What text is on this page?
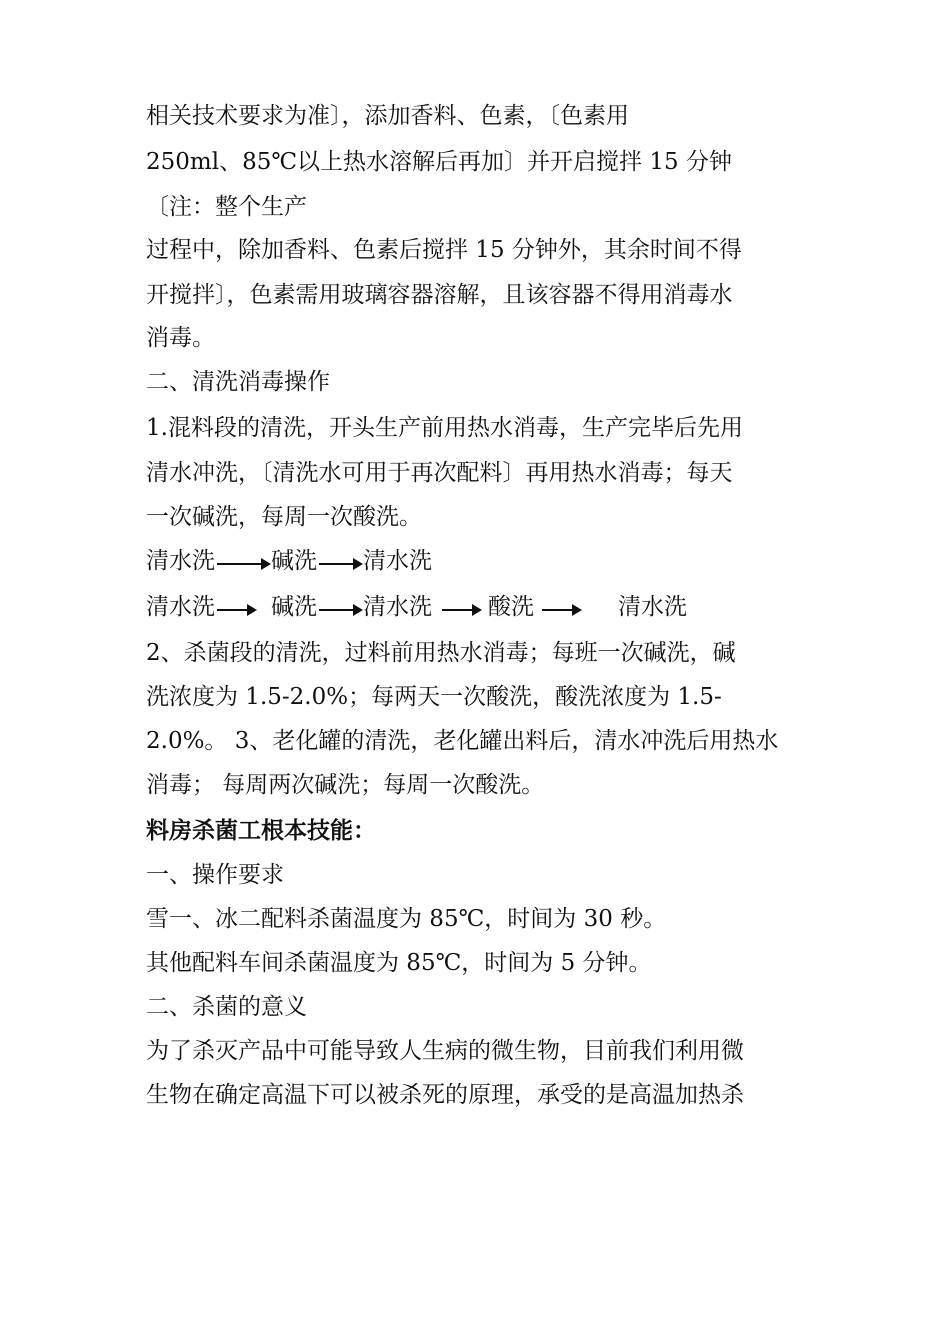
相关技术要求为准〕，添加香料、色素，〔色素用
250ml、85℃以上热水溶解后再加〕并开启搅拌 15 分钟
〔注：整个生产
过程中，除加香料、色素后搅拌 15 分钟外，其余时间不得
开搅拌〕，色素需用玻璃容器溶解，且该容器不得用消毒水
消毒。
二、清洗消毒操作
1.混料段的清洗，开头生产前用热水消毒，生产完毕后先用
清水冲洗，〔清洗水可用于再次配料〕再用热水消毒；每天
一次碱洗，每周一次酸洗。
清水洗 碱洗 清水洗
清水洗 碱洗 清水洗 酸洗	清水洗
2、杀菌段的清洗，过料前用热水消毒；每班一次碱洗，碱
洗浓度为 1.5-2.0%；每两天一次酸洗，酸洗浓度为 1.5-
2.0%。 3、老化罐的清洗，老化罐出料后，清水冲洗后用热水
消毒； 每周两次碱洗；每周一次酸洗。
料房杀菌工根本技能：
一、操作要求
雪一、冰二配料杀菌温度为 85℃，时间为 30 秒。
其他配料车间杀菌温度为 85℃，时间为 5 分钟。
二、杀菌的意义
为了杀灭产品中可能导致人生病的微生物，目前我们利用微
生物在确定高温下可以被杀死的原理，承受的是高温加热杀
